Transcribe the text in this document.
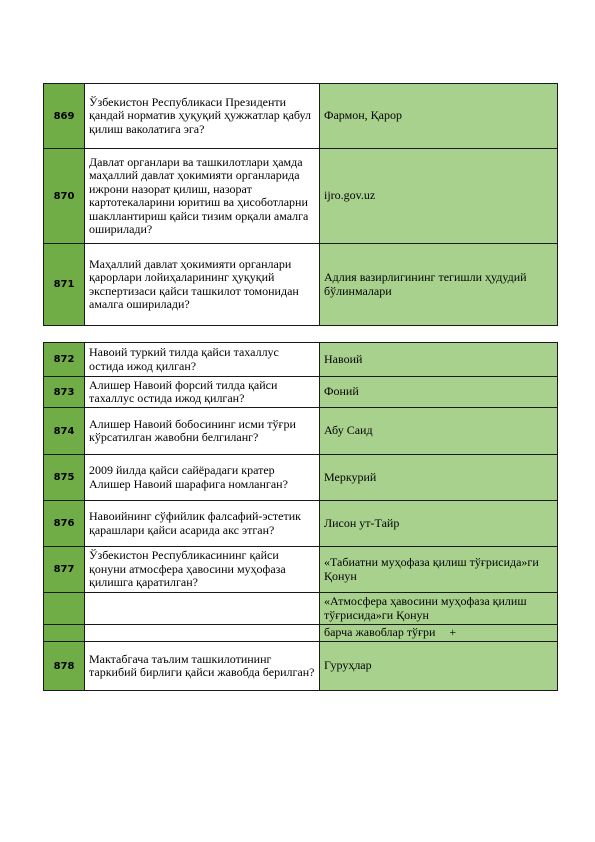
869	Ўзбекистон Республикаси Президенти қандай норматив ҳуқуқий ҳужжатлар қабул қилиш ваколатига эга?	Фармон, Қарор
870	Давлат органлари ва ташкилотлари ҳамда маҳаллий давлат ҳокимияти органларида ижрони назорат қилиш, назорат картотекаларини юритиш ва ҳисоботларни шакллантириш қайси тизим орқали амалга оширилади?	ijro.gov.uz
871	Маҳаллий давлат ҳокимияти органлари қарорлари лойиҳаларининг ҳуқуқий экспертизаси қайси ташкилот томонидан амалга оширилади?	Адлия вазирлигининг тегишли ҳудудий бўлинмалари
872	Навоий туркий тилда қайси тахаллус остида ижод қилган?	Навоий
873	Алишер Навоий форсий тилда қайси тахаллус остида ижод қилган?	Фоний
874	Алишер Навоий бобосининг исми тўғри кўрсатилган жавобни белгиланг?	Абу Саид
875	2009 йилда қайси сайёрадаги кратер Алишер Навоий шарафига номланган?	Меркурий
876	Навоийнинг сўфийлик фалсафий-эстетик қарашлари қайси асарида акс этган?	Лисон ут-Тайр
877	Ўзбекистон Республикасининг қайси қонуни атмосфера ҳавосини муҳофаза қилишга қаратилган?	«Табиатни муҳофаза қилиш тўғрисида»ги Қонун
		«Атмосфера ҳавосини муҳофаза қилиш тўғрисида»ги Қонун
		барча жавоблар тўғри +
878	Мактабгача таълим ташкилотининг таркибий бирлиги қайси жавобда берилган?	Гуруҳлар
